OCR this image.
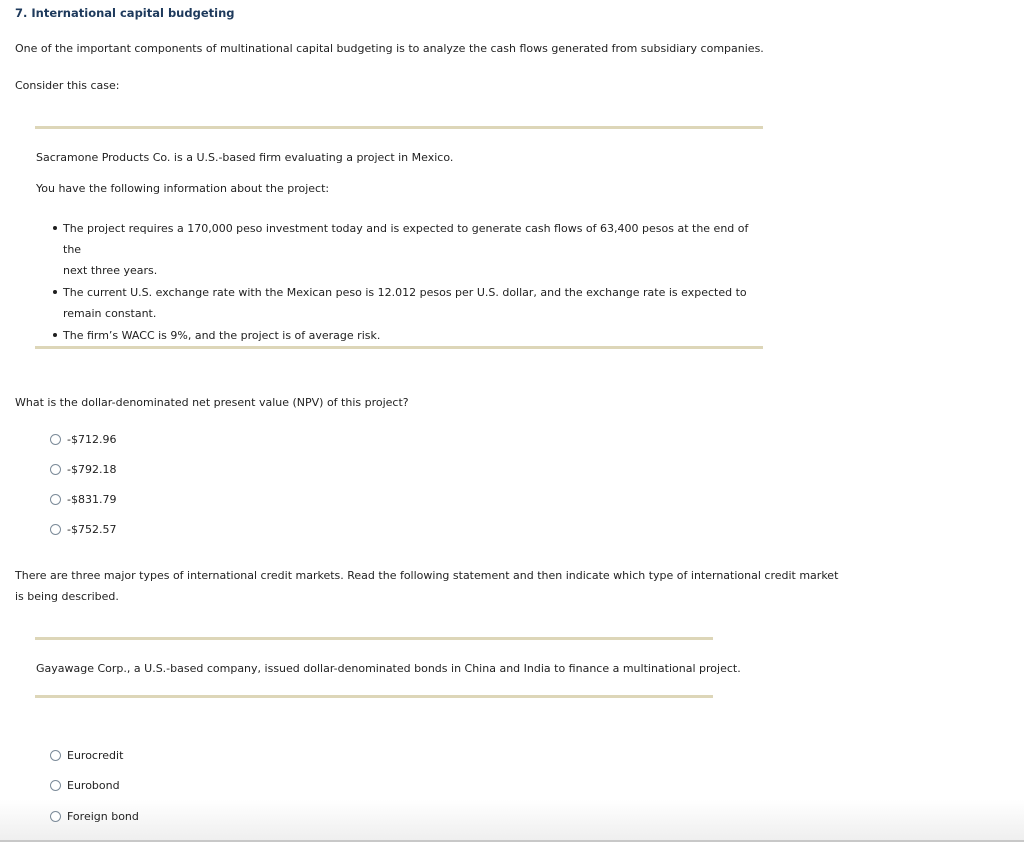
7. International capital budgeting
One of the important components of multinational capital budgeting is to analyze the cash flows generated from subsidiary companies.
Consider this case:
Sacramone Products Co. is a U.S.-based firm evaluating a project in Mexico.
You have the following information about the project:
The project requires a 170,000 peso investment today and is expected to generate cash flows of 63,400 pesos at the end of the
next three years.
The current U.S. exchange rate with the Mexican peso is 12.012 pesos per U.S. dollar, and the exchange rate is expected to
remain constant.
The firm’s WACC is 9%, and the project is of average risk.
What is the dollar-denominated net present value (NPV) of this project?
-$712.96
-$792.18
-$831.79
-$752.57
There are three major types of international credit markets. Read the following statement and then indicate which type of international credit market
is being described.
Gayawage Corp., a U.S.-based company, issued dollar-denominated bonds in China and India to finance a multinational project.
Eurocredit
Eurobond
Foreign bond
